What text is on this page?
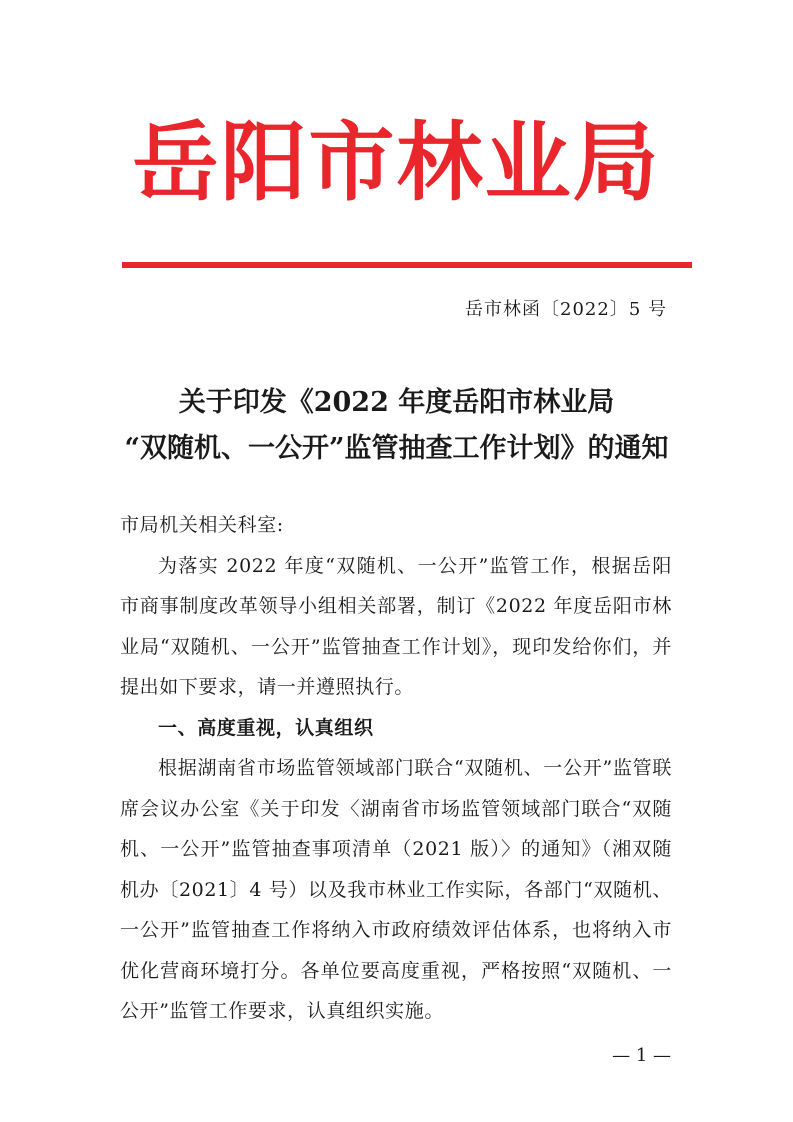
岳阳市林业局
岳市林函〔2022〕5 号
关于印发《2022 年度岳阳市林业局
“双随机、一公开”监管抽查工作计划》的通知

市局机关相关科室:

为落实 2022 年度“双随机、一公开”监管工作，根据岳阳市商事制度改革领导小组相关部署，制订《2022 年度岳阳市林业局“双随机、一公开”监管抽查工作计划》，现印发给你们，并提出如下要求，请一并遵照执行。

一、高度重视，认真组织

根据湖南省市场监管领域部门联合“双随机、一公开”监管联席会议办公室《关于印发〈湖南省市场监管领域部门联合“双随机、一公开”监管抽查事项清单（2021 版）〉的通知》（湘双随机办〔2021〕4 号）以及我市林业工作实际，各部门“双随机、一公开”监管抽查工作将纳入市政府绩效评估体系，也将纳入市优化营商环境打分。各单位要高度重视，严格按照“双随机、一公开”监管工作要求，认真组织实施。

— 1 —
